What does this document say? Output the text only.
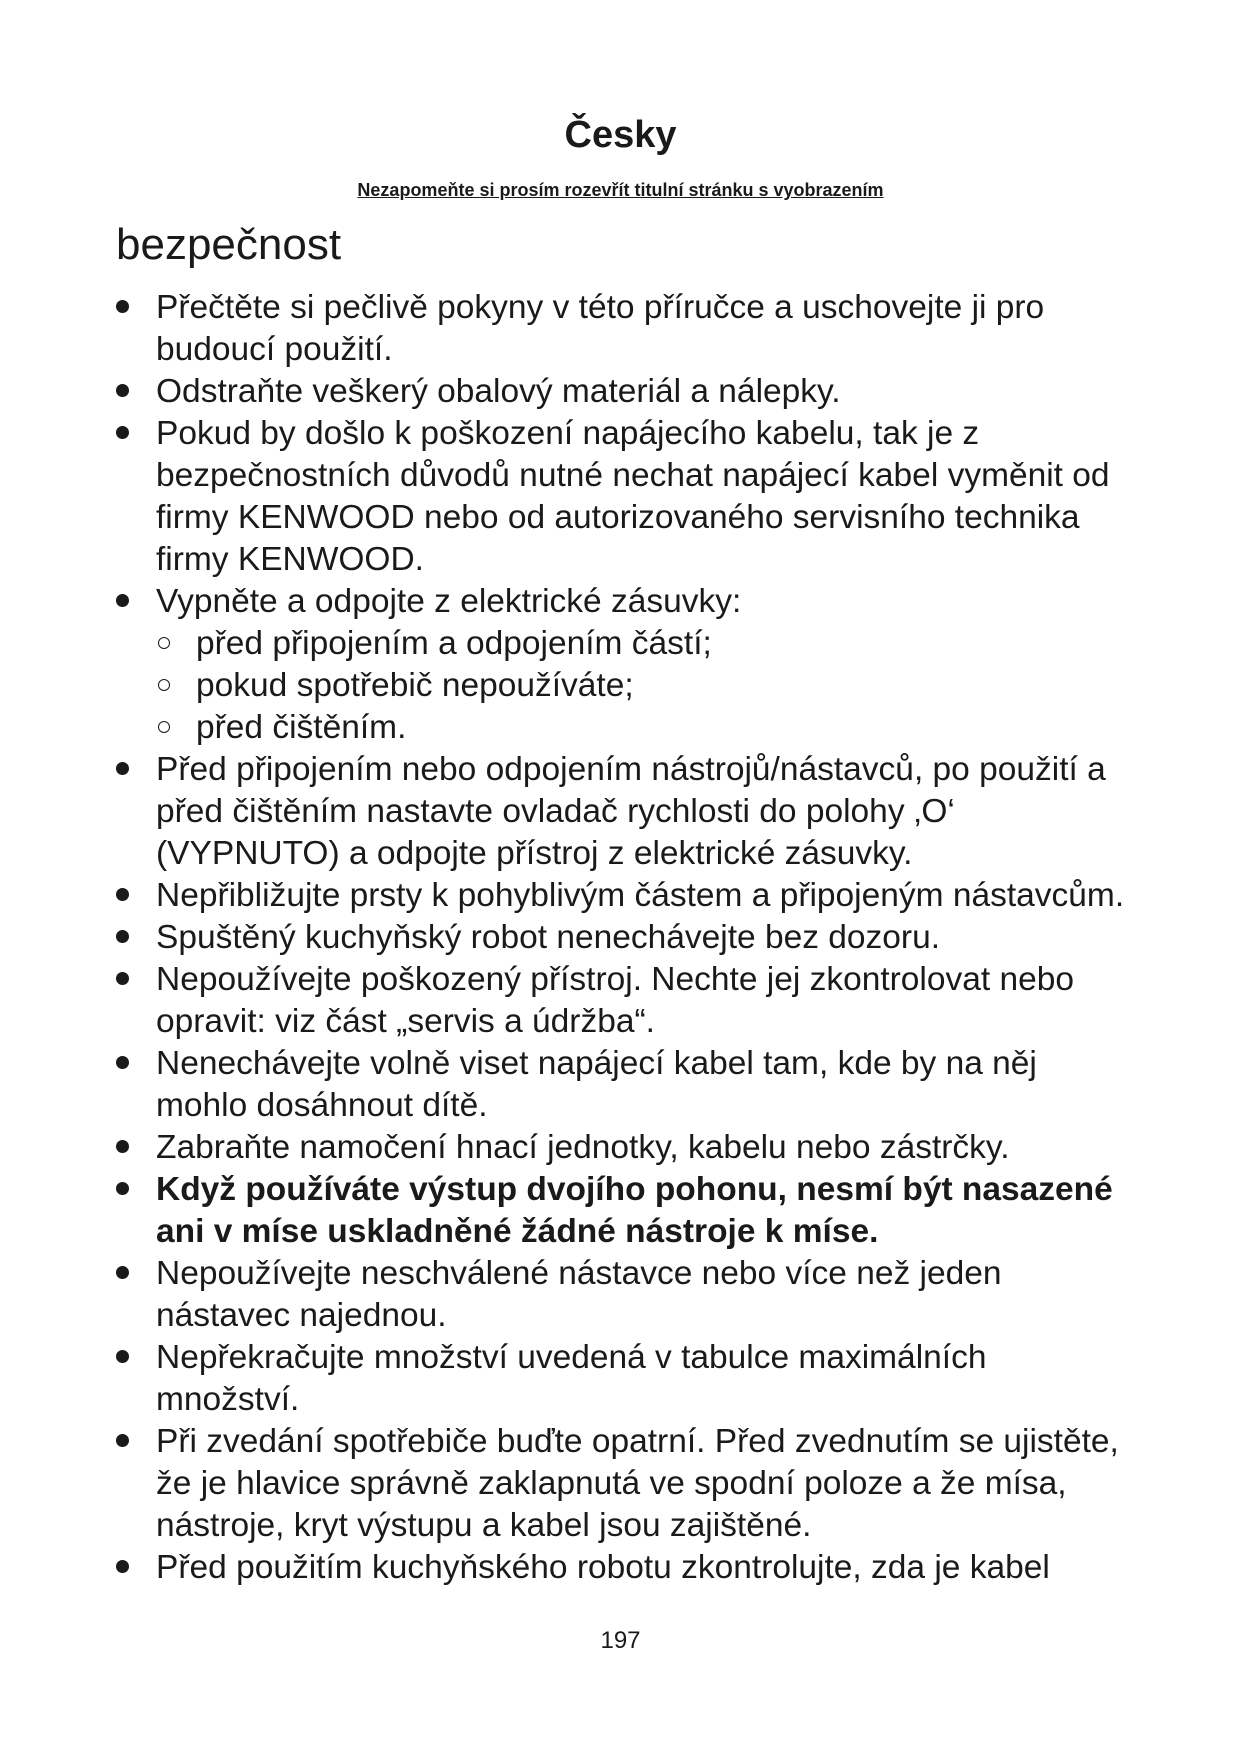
Česky

Nezapomeňte si prosím rozevřít titulní stránku s vyobrazením

bezpečnost
Přečtěte si pečlivě pokyny v této příručce a uschovejte ji pro budoucí použití.
Odstraňte veškerý obalový materiál a nálepky.
Pokud by došlo k poškození napájecího kabelu, tak je z bezpečnostních důvodů nutné nechat napájecí kabel vyměnit od firmy KENWOOD nebo od autorizovaného servisního technika firmy KENWOOD.
Vypněte a odpojte z elektrické zásuvky:
před připojením a odpojením částí;
pokud spotřebič nepoužíváte;
před čištěním.
Před připojením nebo odpojením nástrojů/nástavců, po použití a před čištěním nastavte ovladač rychlosti do polohy ‚O‘ (VYPNUTO) a odpojte přístroj z elektrické zásuvky.
Nepřibližujte prsty k pohyblivým částem a připojeným nástavcům.
Spuštěný kuchyňský robot nenechávejte bez dozoru.
Nepoužívejte poškozený přístroj. Nechte jej zkontrolovat nebo opravit: viz část „servis a údržba“.
Nenechávejte volně viset napájecí kabel tam, kde by na něj mohlo dosáhnout dítě.
Zabraňte namočení hnací jednotky, kabelu nebo zástrčky.
Když používáte výstup dvojího pohonu, nesmí být nasazené ani v míse uskladněné žádné nástroje k míse.
Nepoužívejte neschválené nástavce nebo více než jeden nástavec najednou.
Nepřekračujte množství uvedená v tabulce maximálních množství.
Při zvedání spotřebiče buďte opatrní. Před zvednutím se ujistěte, že je hlavice správně zaklapnutá ve spodní poloze a že mísa, nástroje, kryt výstupu a kabel jsou zajištěné.
Před použitím kuchyňského robotu zkontrolujte, zda je kabel

197
